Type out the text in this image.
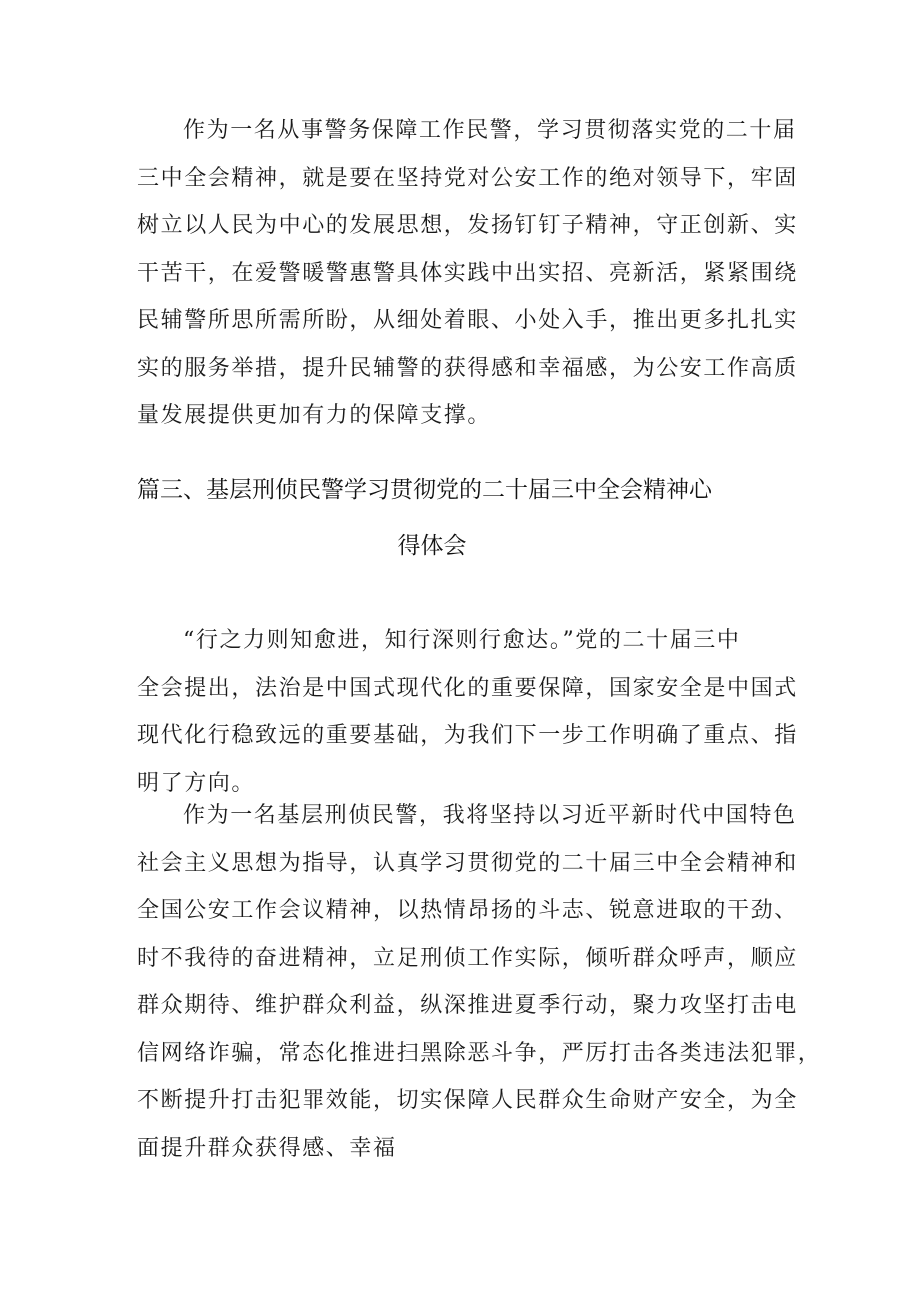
作为一名从事警务保障工作民警，学习贯彻落实党的二十届
三中全会精神，就是要在坚持党对公安工作的绝对领导下，牢固
树立以人民为中心的发展思想，发扬钉钉子精神，守正创新、实
干苦干，在爱警暖警惠警具体实践中出实招、亮新活，紧紧围绕
民辅警所思所需所盼，从细处着眼、小处入手，推出更多扎扎实
实的服务举措，提升民辅警的获得感和幸福感，为公安工作高质
量发展提供更加有力的保障支撑。
篇三、基层刑侦民警学习贯彻党的二十届三中全会精神心
得体会
“行之力则知愈进，知行深则行愈达。”党的二十届三中
全会提出，法治是中国式现代化的重要保障，国家安全是中国式
现代化行稳致远的重要基础，为我们下一步工作明确了重点、指
明了方向。
作为一名基层刑侦民警，我将坚持以习近平新时代中国特色
社会主义思想为指导，认真学习贯彻党的二十届三中全会精神和
全国公安工作会议精神，以热情昂扬的斗志、锐意进取的干劲、
时不我待的奋进精神，立足刑侦工作实际，倾听群众呼声，顺应
群众期待、维护群众利益，纵深推进夏季行动，聚力攻坚打击电
信网络诈骗，常态化推进扫黑除恶斗争，严厉打击各类违法犯罪，
不断提升打击犯罪效能，切实保障人民群众生命财产安全，为全
面提升群众获得感、幸福
